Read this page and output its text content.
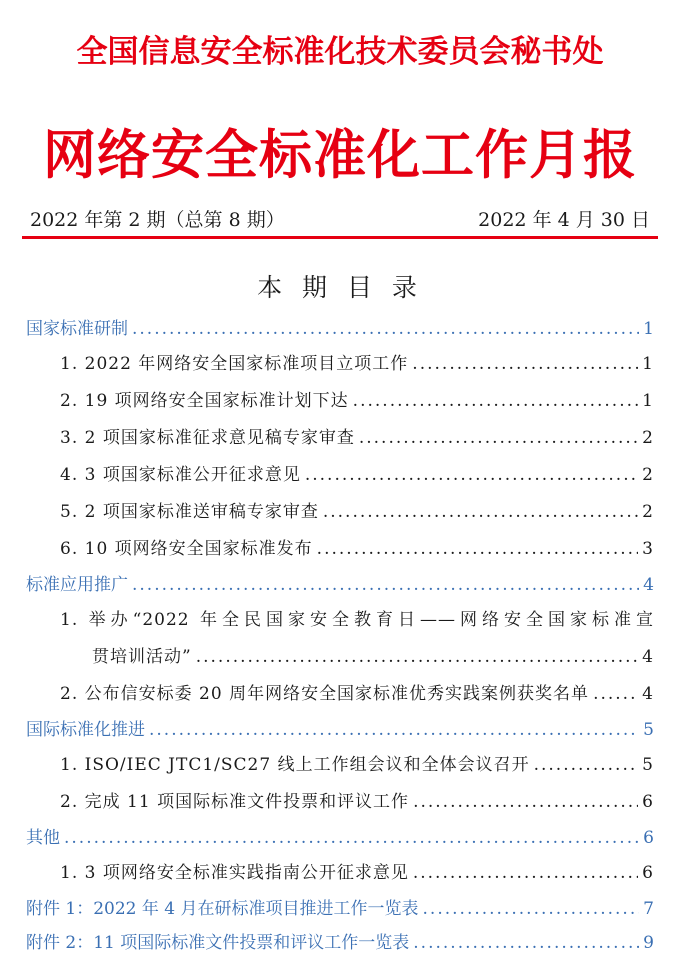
全国信息安全标准化技术委员会秘书处
网络安全标准化工作月报
2022 年第 2 期（总第 8 期）	2022 年 4 月 30 日
本 期 目 录
国家标准研制 .....	1
1. 2022 年网络安全国家标准项目立项工作 .....	1
2. 19 项网络安全国家标准计划下达 .....	1
3. 2 项国家标准征求意见稿专家审查 .....	2
4. 3 项国家标准公开征求意见 .....	2
5. 2 项国家标准送审稿专家审查 .....	2
6. 10 项网络安全国家标准发布 .....	3
标准应用推广 .....	4
1. 举办“2022 年全民国家安全教育日——网络安全国家标准宣
贯培训活动” .....	4
2. 公布信安标委 20 周年网络安全国家标准优秀实践案例获奖名单 .....	4
国际标准化推进 .....	5
1. ISO/IEC JTC1/SC27 线上工作组会议和全体会议召开 .....	5
2. 完成 11 项国际标准文件投票和评议工作 .....	6
其他 .....	6
1. 3 项网络安全标准实践指南公开征求意见 .....	6
附件 1：2022 年 4 月在研标准项目推进工作一览表 .....	7
附件 2：11 项国际标准文件投票和评议工作一览表 .....	9
